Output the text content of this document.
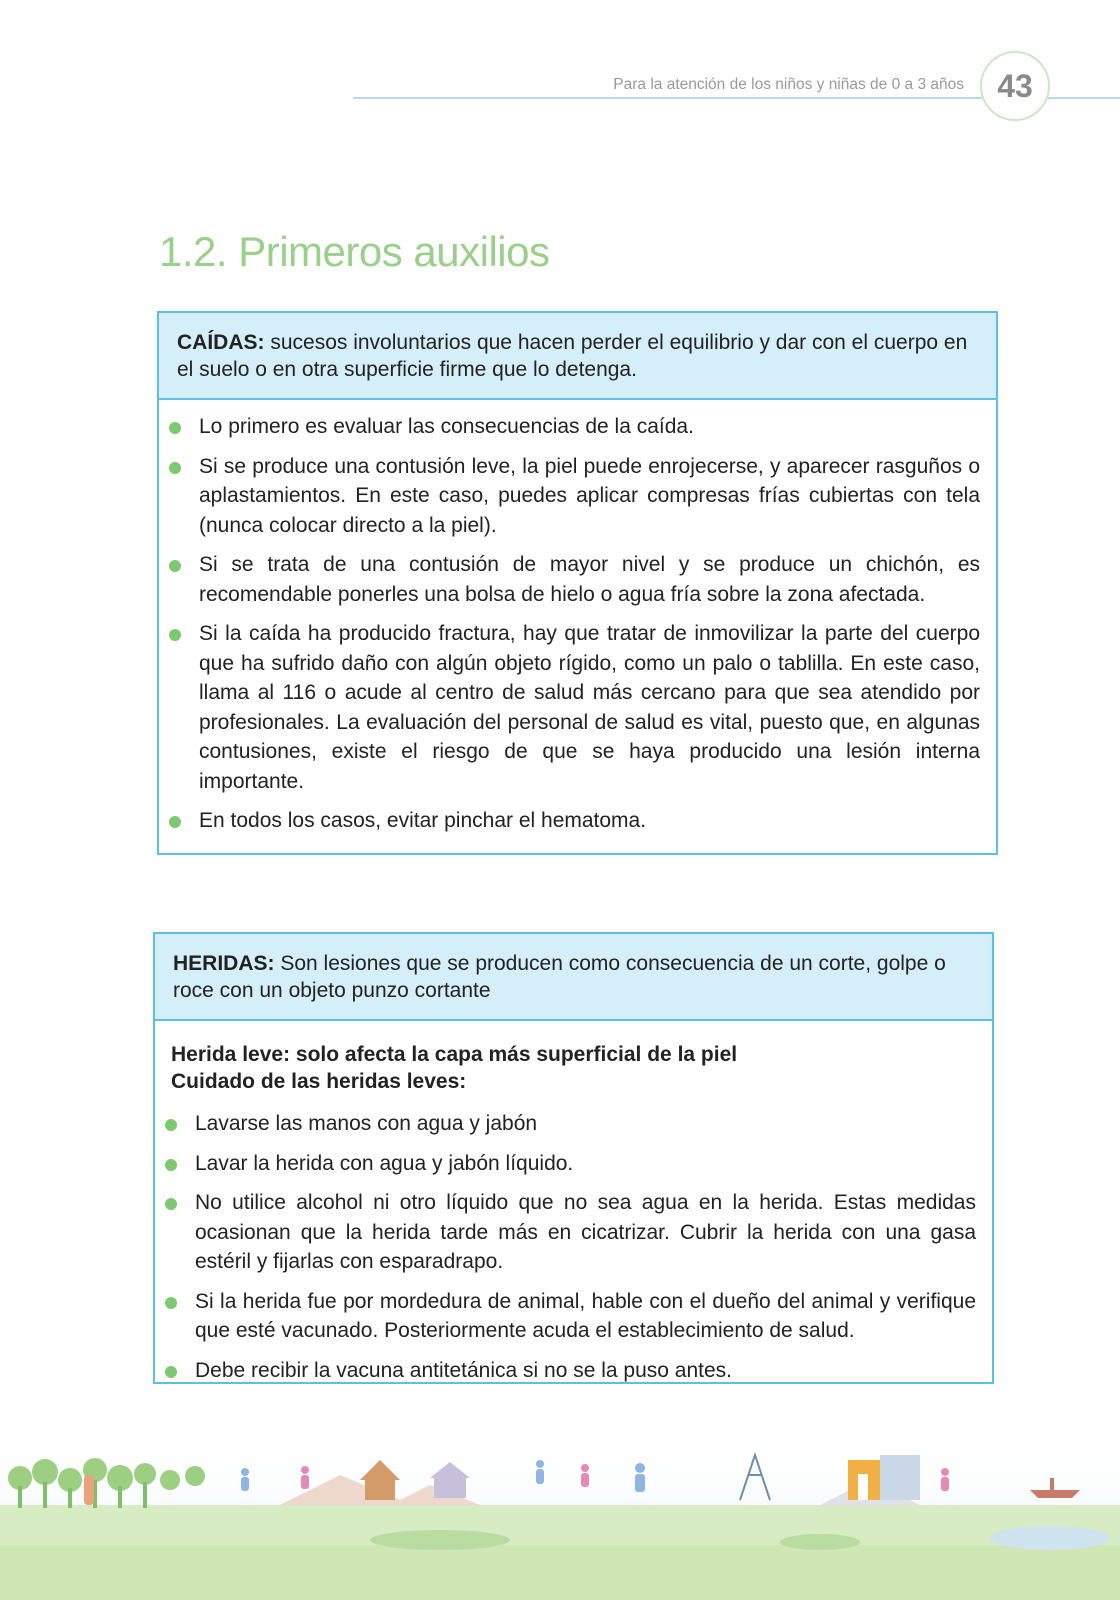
Para la atención de los niños y niñas de 0 a 3 años	43
1.2. Primeros auxilios
CAÍDAS: sucesos involuntarios que hacen perder el equilibrio y dar con el cuerpo en el suelo o en otra superficie firme que lo detenga.
Lo primero es evaluar las consecuencias de la caída.
Si se produce una contusión leve, la piel puede enrojecerse, y aparecer rasguños o aplastamientos. En este caso, puedes aplicar compresas frías cubiertas con tela (nunca colocar directo a la piel).
Si se trata de una contusión de mayor nivel y se produce un chichón, es recomendable ponerles una bolsa de hielo o agua fría sobre la zona afectada.
Si la caída ha producido fractura, hay que tratar de inmovilizar la parte del cuerpo que ha sufrido daño con algún objeto rígido, como un palo o tablilla. En este caso, llama al 116 o acude al centro de salud más cercano para que sea atendido por profesionales. La evaluación del personal de salud es vital, puesto que, en algunas contusiones, existe el riesgo de que se haya producido una lesión interna importante.
En todos los casos, evitar pinchar el hematoma.
HERIDAS: Son lesiones que se producen como consecuencia de un corte, golpe o roce con un objeto punzo cortante
Herida leve: solo afecta la capa más superficial de la piel
Cuidado de las heridas leves:
Lavarse las manos con agua y jabón
Lavar la herida con agua y jabón líquido.
No utilice alcohol ni otro líquido que no sea agua en la herida. Estas medidas ocasionan que la herida tarde más en cicatrizar. Cubrir la herida con una gasa estéril y fijarlas con esparadrapo.
Si la herida fue por mordedura de animal, hable con el dueño del animal y verifique que esté vacunado. Posteriormente acuda el establecimiento de salud.
Debe recibir la vacuna antitetánica si no se la puso antes.
